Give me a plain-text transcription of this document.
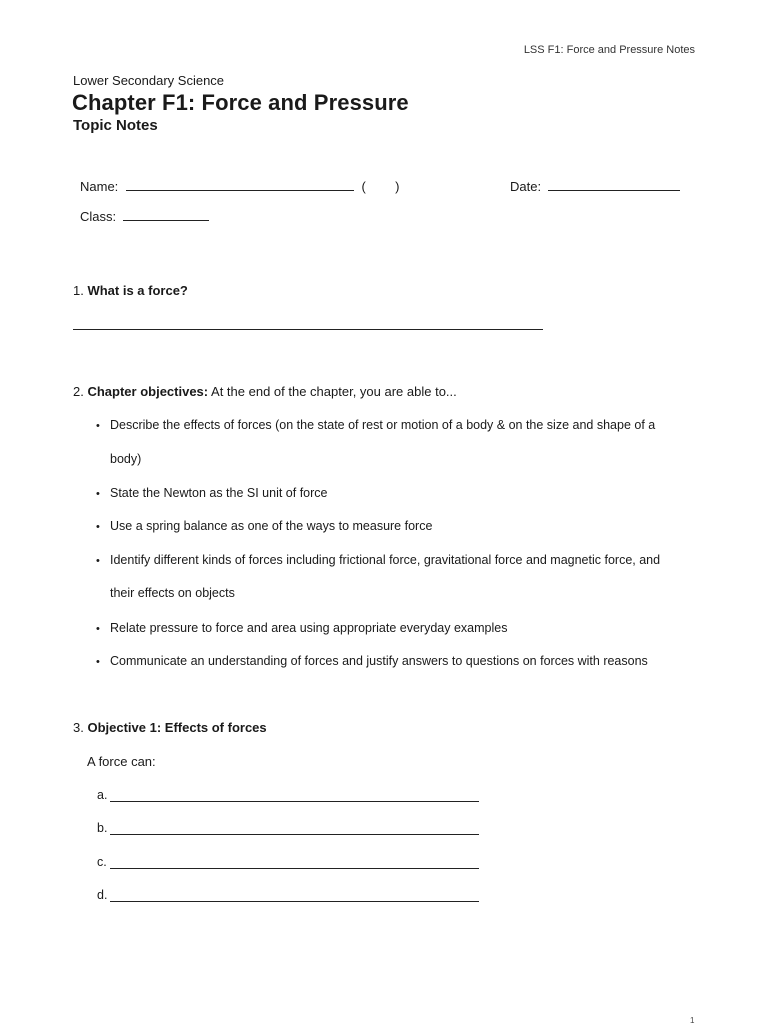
LSS F1: Force and Pressure Notes
Lower Secondary Science
Chapter F1: Force and Pressure
Topic Notes
Name:	( )	Date:
Class:
1. What is a force?
2. Chapter objectives: At the end of the chapter, you are able to...
• Describe the effects of forces (on the state of rest or motion of a body & on the size and shape of a
body)
• State the Newton as the SI unit of force
• Use a spring balance as one of the ways to measure force
• Identify different kinds of forces including frictional force, gravitational force and magnetic force, and
their effects on objects
• Relate pressure to force and area using appropriate everyday examples
• Communicate an understanding of forces and justify answers to questions on forces with reasons
3. Objective 1: Effects of forces
A force can:
a.
b.
c.
d.
1
